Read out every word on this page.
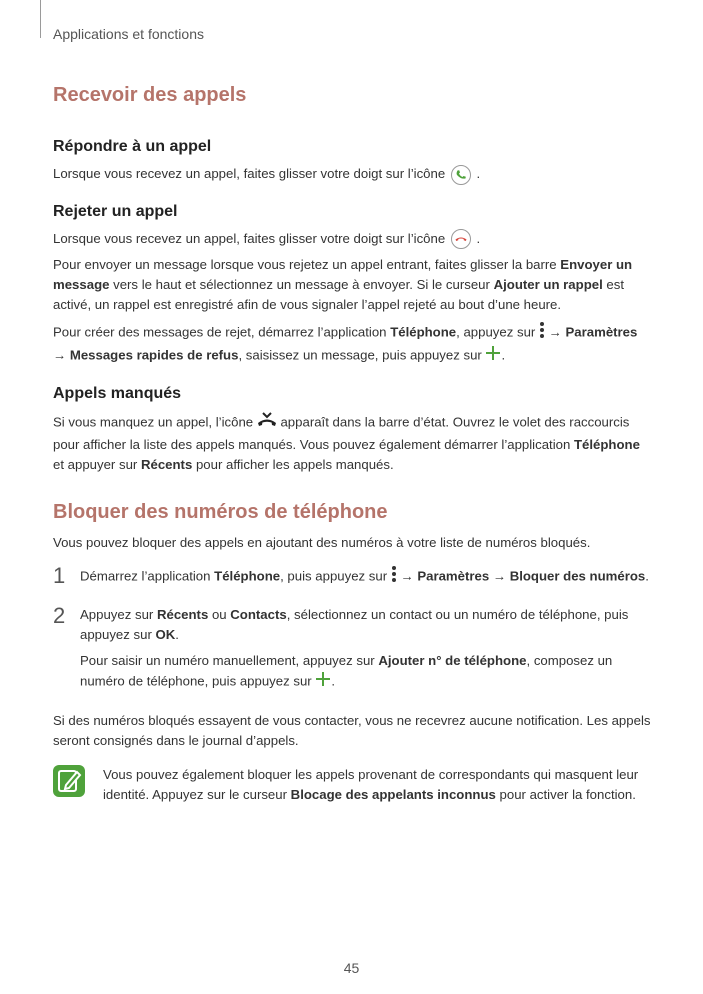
Applications et fonctions
Recevoir des appels
Répondre à un appel

Lorsque vous recevez un appel, faites glisser votre doigt sur l’icône .

Rejeter un appel

Lorsque vous recevez un appel, faites glisser votre doigt sur l’icône .

Pour envoyer un message lorsque vous rejetez un appel entrant, faites glisser la barre Envoyer un message vers le haut et sélectionnez un message à envoyer. Si le curseur Ajouter un rappel est activé, un rappel est enregistré afin de vous signaler l’appel rejeté au bout d’une heure.

Pour créer des messages de rejet, démarrez l’application Téléphone, appuyez sur  → Paramètres
→ Messages rapides de refus, saisissez un message, puis appuyez sur .

Appels manqués

Si vous manquez un appel, l’icône  apparaît dans la barre d’état. Ouvrez le volet des raccourcis pour afficher la liste des appels manqués. Vous pouvez également démarrer l’application Téléphone et appuyer sur Récents pour afficher les appels manqués.

Bloquer des numéros de téléphone

Vous pouvez bloquer des appels en ajoutant des numéros à votre liste de numéros bloqués.

1	Démarrez l’application Téléphone, puis appuyez sur  → Paramètres → Bloquer des numéros.

2	Appuyez sur Récents ou Contacts, sélectionnez un contact ou un numéro de téléphone, puis appuyez sur OK.

Pour saisir un numéro manuellement, appuyez sur Ajouter n° de téléphone, composez un numéro de téléphone, puis appuyez sur .

Si des numéros bloqués essayent de vous contacter, vous ne recevrez aucune notification. Les appels seront consignés dans le journal d’appels.

Vous pouvez également bloquer les appels provenant de correspondants qui masquent leur identité. Appuyez sur le curseur Blocage des appelants inconnus pour activer la fonction.

45
